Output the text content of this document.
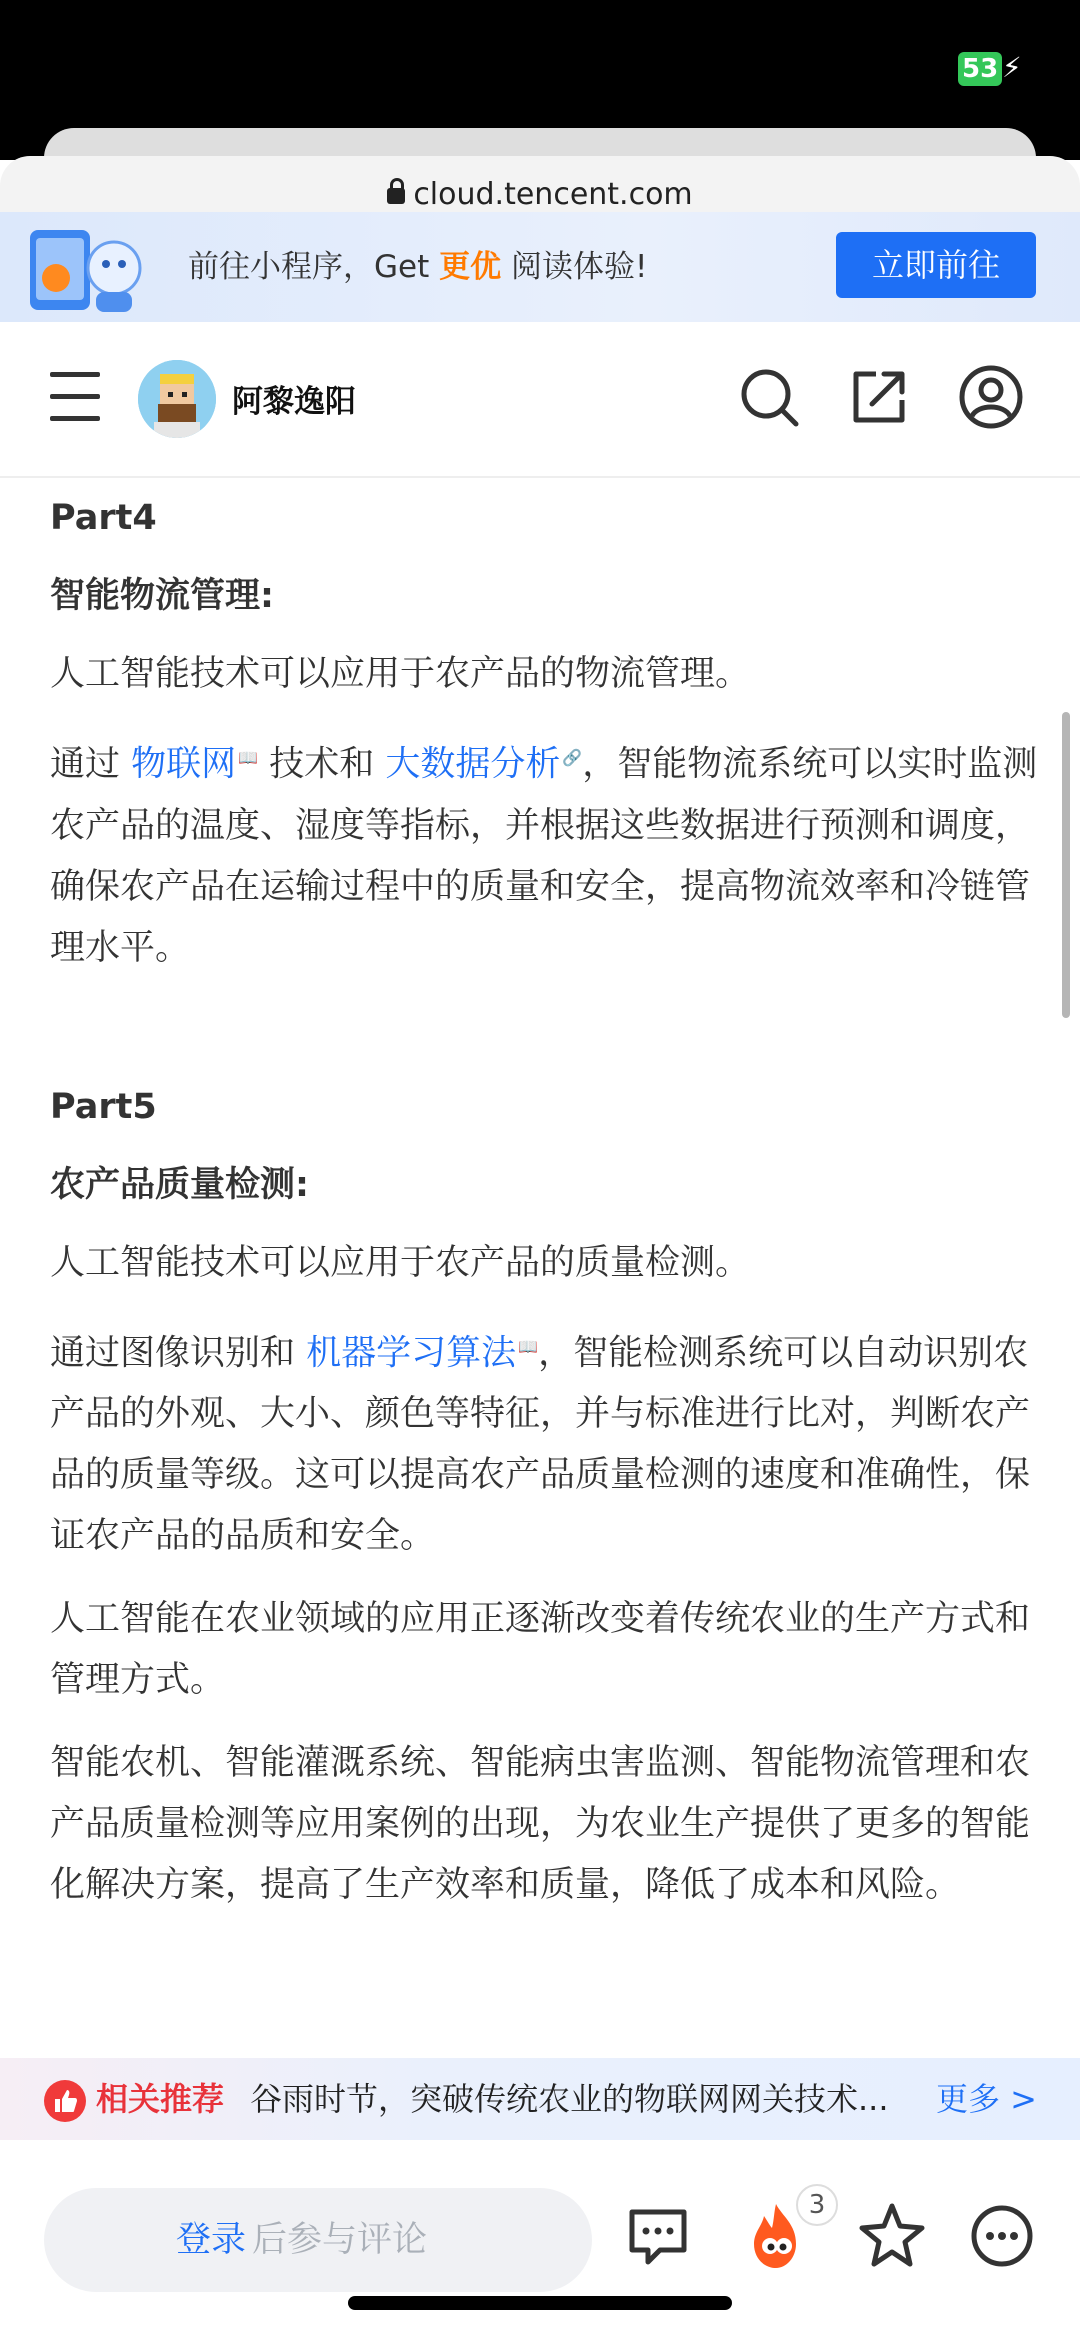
53 ⚡
cloud.tencent.com
前往小程序，Get 更优 阅读体验!	立即前往
阿黎逸阳
Part4
智能物流管理:
人工智能技术可以应用于农产品的物流管理。
通过 物联网 📖 技术和 大数据分析 🔗，智能物流系统可以实时监测农产品的温度、湿度等指标，并根据这些数据进行预测和调度，确保农产品在运输过程中的质量和安全，提高物流效率和冷链管理水平。
Part5
农产品质量检测:
人工智能技术可以应用于农产品的质量检测。
通过图像识别和 机器学习算法 📖，智能检测系统可以自动识别农产品的外观、大小、颜色等特征，并与标准进行比对，判断农产品的质量等级。这可以提高农产品质量检测的速度和准确性，保证农产品的品质和安全。
人工智能在农业领域的应用正逐渐改变着传统农业的生产方式和管理方式。
智能农机、智能灌溉系统、智能病虫害监测、智能物流管理和农产品质量检测等应用案例的出现，为农业生产提供了更多的智能化解决方案，提高了生产效率和质量，降低了成本和风险。
相关推荐 谷雨时节，突破传统农业的物联网网关技术...	更多 >
登录 后参与评论
3
